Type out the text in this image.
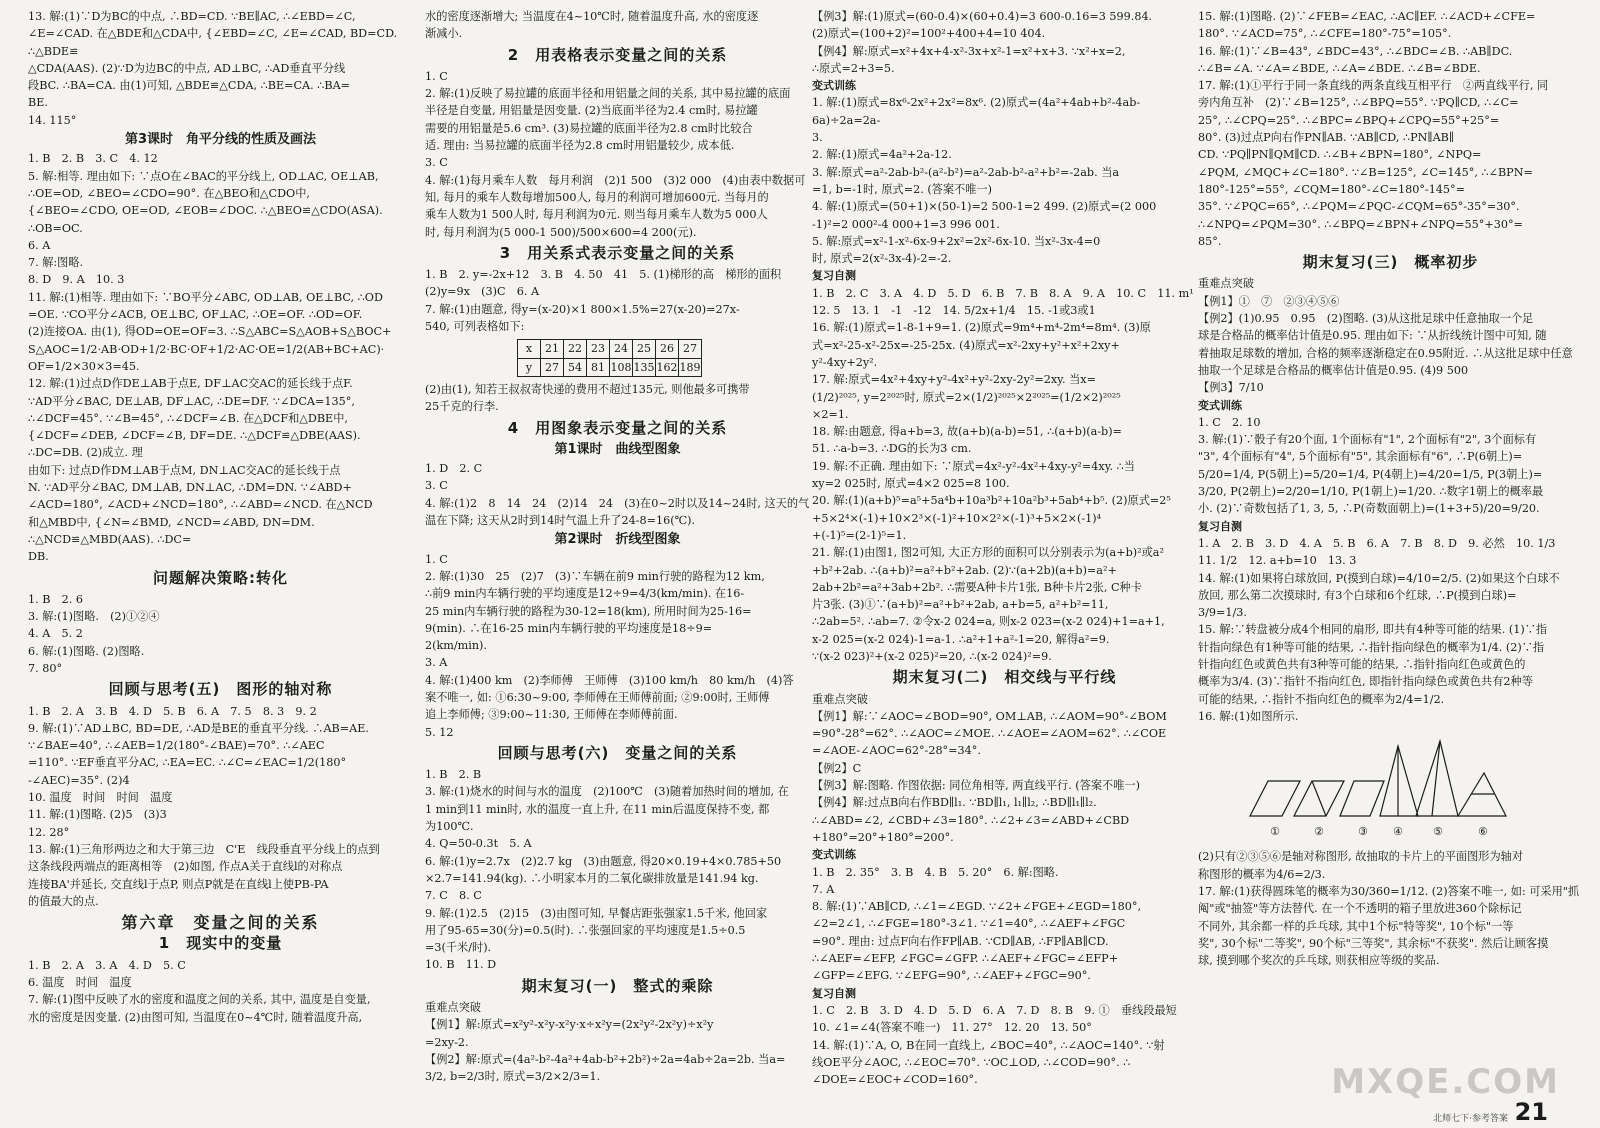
13. 解:(1)∵D为BC的中点, ∴BD=CD. ∵BE∥AC, ∴∠EBD=∠C,
∠E=∠CAD. 在△BDE和△CDA中, {∠EBD=∠C, ∠E=∠CAD, BD=CD. ∴△BDE≌
△CDA(AAS). (2)∵D为边BC的中点, AD⊥BC, ∴AD垂直平分线
段BC. ∴BA=CA. 由(1)可知, △BDE≌△CDA, ∴BE=CA. ∴BA=
BE.
14. 115°

第3课时　角平分线的性质及画法

1. B　2. B　3. C　4. 12
5. 解:相等. 理由如下: ∵点O在∠BAC的平分线上, OD⊥AC, OE⊥AB,
∴OE=OD, ∠BEO=∠CDO=90°. 在△BEO和△CDO中,
{∠BEO=∠CDO, OE=OD, ∠EOB=∠DOC. ∴△BEO≌△CDO(ASA). ∴OB=OC.
6. A
7. 解:图略.
8. D　9. A　10. 3
11. 解:(1)相等. 理由如下: ∵BO平分∠ABC, OD⊥AB, OE⊥BC, ∴OD
=OE. ∵CO平分∠ACB, OE⊥BC, OF⊥AC, ∴OE=OF. ∴OD=OF.
(2)连接OA. 由(1), 得OD=OE=OF=3. ∴S△ABC=S△AOB+S△BOC+
S△AOC=1/2·AB·OD+1/2·BC·OF+1/2·AC·OE=1/2(AB+BC+AC)·
OF=1/2×30×3=45.
12. 解:(1)过点D作DE⊥AB于点E, DF⊥AC交AC的延长线于点F.
∵AD平分∠BAC, DE⊥AB, DF⊥AC, ∴DE=DF. ∵∠DCA=135°,
∴∠DCF=45°. ∵∠B=45°, ∴∠DCF=∠B. 在△DCF和△DBE中,
{∠DCF=∠DEB, ∠DCF=∠B, DF=DE. ∴△DCF≌△DBE(AAS). ∴DC=DB. (2)成立. 理
由如下: 过点D作DM⊥AB于点M, DN⊥AC交AC的延长线于点
N. ∵AD平分∠BAC, DM⊥AB, DN⊥AC, ∴DM=DN. ∵∠ABD+
∠ACD=180°, ∠ACD+∠NCD=180°, ∴∠ABD=∠NCD. 在△NCD
和△MBD中, {∠N=∠BMD, ∠NCD=∠ABD, DN=DM. ∴△NCD≌△MBD(AAS). ∴DC=
DB.

问题解决策略:转化

1. B　2. 6
3. 解:(1)图略.　(2)①②④
4. A　5. 2
6. 解:(1)图略. (2)图略.
7. 80°

回顾与思考(五)　图形的轴对称

1. B　2. A　3. B　4. D　5. B　6. A　7. 5　8. 3　9. 2
9. 解:(1)∵AD⊥BC, BD=DE, ∴AD是BE的垂直平分线. ∴AB=AE.
∵∠BAE=40°, ∴∠AEB=1/2(180°-∠BAE)=70°. ∴∠AEC
=110°. ∵EF垂直平分AC, ∴EA=EC. ∴∠C=∠EAC=1/2(180°
-∠AEC)=35°. (2)4
10. 温度　时间　时间　温度
11. 解:(1)图略. (2)5　(3)3
12. 28°
13. 解:(1)三角形两边之和大于第三边　C'E　线段垂直平分线上的点到
这条线段两端点的距离相等　(2)如图, 作点A关于直线l的对称点
连接BA'并延长, 交直线l于点P, 则点P就是在直线l上使PB-PA
的值最大的点.

第六章　变量之间的关系

1　现实中的变量

1. B　2. A　3. A　4. D　5. C
6. 温度　时间　温度
7. 解:(1)图中反映了水的密度和温度之间的关系, 其中, 温度是自变量,
水的密度是因变量. (2)由图可知, 当温度在0~4℃时, 随着温度升高,

水的密度逐渐增大; 当温度在4~10℃时, 随着温度升高, 水的密度逐
渐减小.

2　用表格表示变量之间的关系

1. C
2. 解:(1)反映了易拉罐的底面半径和用铝量之间的关系, 其中易拉罐的底面
半径是自变量, 用铝量是因变量. (2)当底面半径为2.4 cm时, 易拉罐
需要的用铝量是5.6 cm³. (3)易拉罐的底面半径为2.8 cm时比较合
适. 理由: 当易拉罐的底面半径为2.8 cm时用铝量较少, 成本低.
3. C
4. 解:(1)每月乘车人数　每月利润　(2)1 500　(3)2 000　(4)由表中数据可
知, 每月的乘车人数每增加500人, 每月的利润可增加600元. 当每月的
乘车人数为1 500人时, 每月利润为0元. 则当每月乘车人数为5 000人
时, 每月利润为(5 000-1 500)/500×600=4 200(元).

3　用关系式表示变量之间的关系

1. B　2. y=-2x+12　3. B　4. 50　41　5. (1)梯形的高　梯形的面积
(2)y=9x　(3)C　6. A
7. 解:(1)由题意, 得y=(x-20)×1 800×1.5%=27(x-20)=27x-
540, 可列表格如下:

x	21	22	23	24	25	26	27
y	27	54	81	108	135	162	189

(2)由(1), 知若王叔叔寄快递的费用不超过135元, 则他最多可携带
25千克的行李.

4　用图象表示变量之间的关系

第1课时　曲线型图象

1. D　2. C
3. C
4. 解:(1)2　8　14　24　(2)14　24　(3)在0~2时以及14~24时, 这天的气
温在下降; 这天从2时到14时气温上升了24-8=16(℃).

第2课时　折线型图象

1. C
2. 解:(1)30　25　(2)7　(3)∵车辆在前9 min行驶的路程为12 km,
∴前9 min内车辆行驶的平均速度是12÷9=4/3(km/min). 在16-
25 min内车辆行驶的路程为30-12=18(km), 所用时间为25-16=
9(min). ∴在16-25 min内车辆行驶的平均速度是18÷9=
2(km/min).
3. A
4. 解:(1)400 km　(2)李师傅　王师傅　(3)100 km/h　80 km/h　(4)答
案不唯一, 如: ①6:30~9:00, 李师傅在王师傅前面; ②9:00时, 王师傅
追上李师傅; ③9:00~11:30, 王师傅在李师傅前面.
5. 12

回顾与思考(六)　变量之间的关系

1. B　2. B
3. 解:(1)烧水的时间与水的温度　(2)100℃　(3)随着加热时间的增加, 在
1 min到11 min时, 水的温度一直上升, 在11 min后温度保持不变, 都
为100℃.
4. Q=50-0.3t　5. A
6. 解:(1)y=2.7x　(2)2.7 kg　(3)由题意, 得20×0.19+4×0.785+50
×2.7=141.94(kg). ∴小明家本月的二氧化碳排放量是141.94 kg.
7. C　8. C
9. 解:(1)2.5　(2)15　(3)由图可知, 早餐店距张强家1.5千米, 他回家
用了95-65=30(分)=0.5(时). ∴张强回家的平均速度是1.5÷0.5
=3(千米/时).
10. B　11. D

期末复习(一)　整式的乘除

重难点突破
【例1】解:原式=x²y²-x²y-x²y·x÷x²y=(2x²y²-2x²y)÷x²y
=2xy-2.
【例2】解:原式=(4a²-b²-4a²+4ab-b²+2b²)÷2a=4ab÷2a=2b. 当a=
3/2, b=2/3时, 原式=3/2×2/3=1.

【例3】解:(1)原式=(60-0.4)×(60+0.4)=3 600-0.16=3 599.84.
(2)原式=(100+2)²=100²+400+4=10 404.
【例4】解:原式=x²+4x+4-x²-3x+x²-1=x²+x+3. ∵x²+x=2,
∴原式=2+3=5.

变式训练

1. 解:(1)原式=8x⁶-2x²+2x²=8x⁶. (2)原式=(4a²+4ab+b²-4ab-6a)÷2a=2a-
3.
2. 解:(1)原式=4a²+2a-12.
3. 解:原式=a²-2ab-b²-(a²-b²)=a²-2ab-b²-a²+b²=-2ab. 当a
=1, b=-1时, 原式=2. (答案不唯一)
4. 解:(1)原式=(50+1)×(50-1)=2 500-1=2 499. (2)原式=(2 000
-1)²=2 000²-4 000+1=3 996 001.
5. 解:原式=x²-1-x²-6x-9+2x²=2x²-6x-10. 当x²-3x-4=0
时, 原式=2(x²-3x-4)-2=-2.

复习自测

1. B　2. C　3. A　4. D　5. D　6. B　7. B　8. A　9. A　10. C　11. m¹
12. 5　13. 1　-1　-12　14. 5/2x+1/4　15. -1或3或1
16. 解:(1)原式=1-8-1+9=1. (2)原式=9m⁴+m⁴-2m⁴=8m⁴. (3)原
式=x²-25-x²-25x=-25-25x. (4)原式=x²-2xy+y²+x²+2xy+
y²-4xy+2y².
17. 解:原式=4x²+4xy+y²-4x²+y²-2xy-2y²=2xy. 当x=
(1/2)²⁰²⁵, y=2²⁰²⁵时, 原式=2×(1/2)²⁰²⁵×2²⁰²⁵=(1/2×2)²⁰²⁵
×2=1.
18. 解:由题意, 得a+b=3, 故(a+b)(a-b)=51, ∴(a+b)(a-b)=
51. ∴a-b=3. ∴DG的长为3 cm.
19. 解:不正确. 理由如下: ∵原式=4x²-y²-4x²+4xy-y²=4xy. ∴当
xy=2 025时, 原式=4×2 025=8 100.
20. 解:(1)(a+b)⁵=a⁵+5a⁴b+10a³b²+10a²b³+5ab⁴+b⁵. (2)原式=2⁵
+5×2⁴×(-1)+10×2³×(-1)²+10×2²×(-1)³+5×2×(-1)⁴
+(-1)⁵=(2-1)⁵=1.
21. 解:(1)由图1, 图2可知, 大正方形的面积可以分别表示为(a+b)²或a²
+b²+2ab. ∴(a+b)²=a²+b²+2ab. (2)∵(a+2b)(a+b)=a²+
2ab+2b²=a²+3ab+2b². ∴需要A种卡片1张, B种卡片2张, C种卡
片3张. (3)①∵(a+b)²=a²+b²+2ab, a+b=5, a²+b²=11,
∴2ab=5². ∴ab=7. ②令x-2 024=a, 则x-2 023=(x-2 024)+1=a+1,
x-2 025=(x-2 024)-1=a-1. ∴a²+1+a²-1=20, 解得a²=9.
∵(x-2 023)²+(x-2 025)²=20, ∴(x-2 024)²=9.

期末复习(二)　相交线与平行线

重难点突破
【例1】解:∵∠AOC=∠BOD=90°, OM⊥AB, ∴∠AOM=90°-∠BOM
=90°-28°=62°. ∴∠AOC=∠MOE. ∴∠AOE=∠AOM=62°. ∴∠COE
=∠AOE-∠AOC=62°-28°=34°.
【例2】C
【例3】解:图略. 作图依据: 同位角相等, 两直线平行. (答案不唯一)
【例4】解:过点B向右作BD∥l₁. ∵BD∥l₁, l₁∥l₂, ∴BD∥l₁∥l₂.
∴∠ABD=∠2, ∠CBD+∠3=180°. ∴∠2+∠3=∠ABD+∠CBD
+180°=20°+180°=200°.

变式训练

1. B　2. 35°　3. B　4. B　5. 20°　6. 解:图略.
7. A
8. 解:(1)∵AB∥CD, ∴∠1=∠EGD. ∵∠2+∠FGE+∠EGD=180°,
∠2=2∠1, ∴∠FGE=180°-3∠1. ∵∠1=40°, ∴∠AEF+∠FGC
=90°. 理由: 过点F向右作FP∥AB. ∵CD∥AB, ∴FP∥AB∥CD.
∴∠AEF=∠EFP, ∠FGC=∠GFP. ∴∠AEF+∠FGC=∠EFP+
∠GFP=∠EFG. ∵∠EFG=90°, ∴∠AEF+∠FGC=90°.

复习自测

1. C　2. B　3. D　4. D　5. D　6. A　7. D　8. B　9. ①　垂线段最短
10. ∠1=∠4(答案不唯一)　11. 27°　12. 20　13. 50°
14. 解:(1)∵A, O, B在同一直线上, ∠BOC=40°, ∴∠AOC=140°. ∵射
线OE平分∠AOC, ∴∠EOC=70°. ∵OC⊥OD, ∴∠COD=90°. ∴
∠DOE=∠EOC+∠COD=160°.

15. 解:(1)图略. (2)∵∠FEB=∠EAC, ∴AC∥EF. ∴∠ACD+∠CFE=
180°. ∵∠ACD=75°, ∴∠CFE=180°-75°=105°.
16. 解:(1)∵∠B=43°, ∠BDC=43°, ∴∠BDC=∠B. ∴AB∥DC.
∴∠B=∠A. ∵∠A=∠BDE, ∴∠A=∠BDE. ∴∠B=∠BDE.
17. 解:(1)①平行于同一条直线的两条直线互相平行　②两直线平行, 同
旁内角互补　(2)∵∠B=125°, ∴∠BPQ=55°. ∵PQ∥CD, ∴∠C=
25°, ∴∠CPQ=25°. ∴∠BPC=∠BPQ+∠CPQ=55°+25°=
80°. (3)过点P向右作PN∥AB. ∵AB∥CD, ∴PN∥AB∥
CD. ∵PQ∥PN∥QM∥CD. ∴∠B+∠BPN=180°, ∠NPQ=
∠PQM, ∠MQC+∠C=180°. ∵∠B=125°, ∠C=145°, ∴∠BPN=
180°-125°=55°, ∠CQM=180°-∠C=180°-145°=
35°. ∵∠PQC=65°, ∴∠PQM=∠PQC-∠CQM=65°-35°=30°.
∴∠NPQ=∠PQM=30°. ∴∠BPQ=∠BPN+∠NPQ=55°+30°=
85°.

期末复习(三)　概率初步

重难点突破
【例1】①　⑦　②③④⑤⑥
【例2】(1)0.95　0.95　(2)图略. (3)从这批足球中任意抽取一个足
球是合格品的概率估计值是0.95. 理由如下: ∵从折线统计图中可知, 随
着抽取足球数的增加, 合格的频率逐渐稳定在0.95附近. ∴从这批足球中任意
抽取一个足球是合格品的概率估计值是0.95. (4)9 500
【例3】7/10

变式训练

1. C　2. 10
3. 解:(1)∵骰子有20个面, 1个面标有"1", 2个面标有"2", 3个面标有
"3", 4个面标有"4", 5个面标有"5", 其余面标有"6", ∴P(6朝上)=
5/20=1/4, P(5朝上)=5/20=1/4, P(4朝上)=4/20=1/5, P(3朝上)=
3/20, P(2朝上)=2/20=1/10, P(1朝上)=1/20. ∴数字1朝上的概率最
小. (2)∵奇数包括了1, 3, 5, ∴P(奇数面朝上)=(1+3+5)/20=9/20.

复习自测

1. A　2. B　3. D　4. A　5. B　6. A　7. B　8. D　9. 必然　10. 1/3
11. 1/2　12. a+b=10　13. 3
14. 解:(1)如果将白球放回, P(摸到白球)=4/10=2/5. (2)如果这个白球不
放回, 那么第二次摸球时, 有3个白球和6个红球, ∴P(摸到白球)=
3/9=1/3.
15. 解:∵转盘被分成4个相同的扇形, 即共有4种等可能的结果. (1)∵指
针指向绿色有1种等可能的结果, ∴指针指向绿色的概率为1/4. (2)∵指
针指向红色或黄色共有3种等可能的结果, ∴指针指向红色或黄色的
概率为3/4. (3)∵指针不指向红色, 即指针指向绿色或黄色共有2种等
可能的结果, ∴指针不指向红色的概率为2/4=1/2.
16. 解:(1)如图所示.

①	②	③ ④	⑤	⑥

(2)只有②③⑤⑥是轴对称图形, 故抽取的卡片上的平面图形为轴对
称图形的概率为4/6=2/3.
17. 解:(1)获得圆珠笔的概率为30/360=1/12. (2)答案不唯一, 如: 可采用"抓
阄"或"抽签"等方法替代. 在一个不透明的箱子里放进360个除标记
不同外, 其余都一样的乒乓球, 其中1个标"特等奖", 10个标"一等
奖", 30个标"二等奖", 90个标"三等奖", 其余标"不获奖". 然后让顾客摸
球, 摸到哪个奖次的乒乓球, 则获相应等级的奖品.

MXQE.COM
北师七下·参考答案 21
